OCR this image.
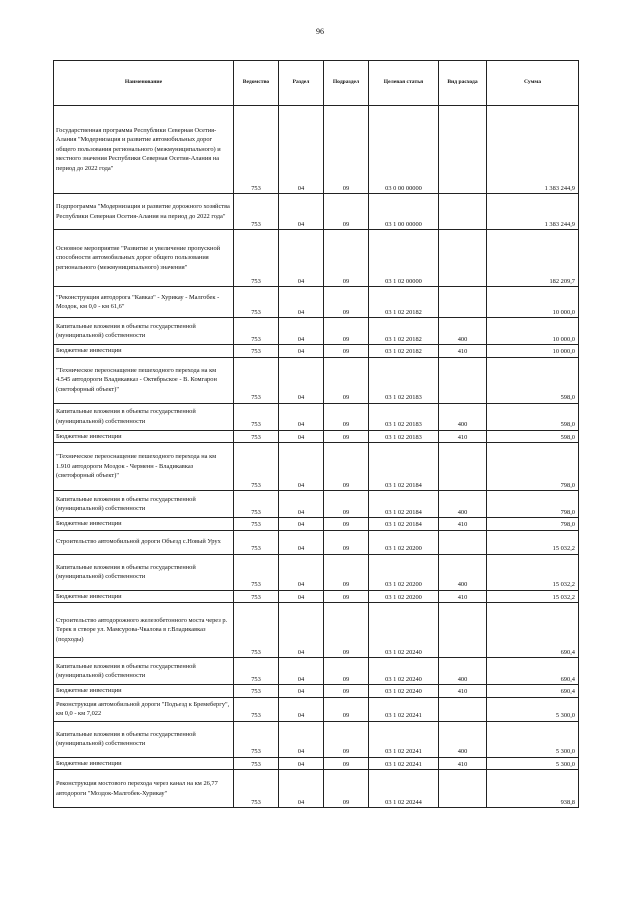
96
Наименование	Ведомство	Раздел	Подраздел	Целевая статья	Вид расхода	Сумма
Государственная программа Республики Северная Осетия-Алания "Модернизация и развитие автомобильных дорог общего пользования регионального (межмуниципального) и местного значения Республики Северная Осетия-Алания на период до 2022 года"	753	04	09	03 0 00 00000		1 383 244,9
Подпрограмма "Модернизация и развитие дорожного хозяйства Республики Северная Осетия-Алания на период до 2022 года"	753	04	09	03 1 00 00000		1 383 244,9
Основное мероприятие "Развитие и увеличение пропускной способности автомобильных дорог общего пользования регионального (межмуниципального) значения"	753	04	09	03 1 02 00000		182 209,7
"Реконструкция автодорога "Кавказ" - Хурикау - Малгобек - Моздок, км 0,0 - км 61,6"	753	04	09	03 1 02 20182		10 000,0
Капитальные вложения в объекты государственной (муниципальной) собственности	753	04	09	03 1 02 20182	400	10 000,0
Бюджетные инвестиции	753	04	09	03 1 02 20182	410	10 000,0
"Техническое переоснащение пешеходного перехода на км 4.545 автодороги Владикавказ - Октябрьское - В. Комгарон (светофорный объект)"	753	04	09	03 1 02 20183		598,0
Капитальные вложения в объекты государственной (муниципальной) собственности	753	04	09	03 1 02 20183	400	598,0
Бюджетные инвестиции	753	04	09	03 1 02 20183	410	598,0
"Техническое переоснащение пешеходного перехода на км 1.910 автодороги Моздок - Черменн - Владикавказ (светофорный объект)"	753	04	09	03 1 02 20184		798,0
Капитальные вложения в объекты государственной (муниципальной) собственности	753	04	09	03 1 02 20184	400	798,0
Бюджетные инвестиции	753	04	09	03 1 02 20184	410	798,0
Строительство автомобильной дороги Объезд с.Новый Урух	753	04	09	03 1 02 20200		15 032,2
Капитальные вложения в объекты государственной (муниципальной) собственности	753	04	09	03 1 02 20200	400	15 032,2
Бюджетные инвестиции	753	04	09	03 1 02 20200	410	15 032,2
Строительство автодорожного железобетонного моста через р. Терек в створе ул. Мамсурова-Чкалова в г.Владикавказ (подходы)	753	04	09	03 1 02 20240		690,4
Капитальные вложения в объекты государственной (муниципальной) собственности	753	04	09	03 1 02 20240	400	690,4
Бюджетные инвестиции	753	04	09	03 1 02 20240	410	690,4
Реконструкция автомобильной дороги "Подъезд к Бремебергу", км 0,0 - км 7,022	753	04	09	03 1 02 20241		5 300,0
Капитальные вложения в объекты государственной (муниципальной) собственности	753	04	09	03 1 02 20241	400	5 300,0
Бюджетные инвестиции	753	04	09	03 1 02 20241	410	5 300,0
Реконструкция мостового перехода через канал на км 26,77 автодороги "Моздок-Малгобек-Хурикау"	753	04	09	03 1 02 20244		938,8
